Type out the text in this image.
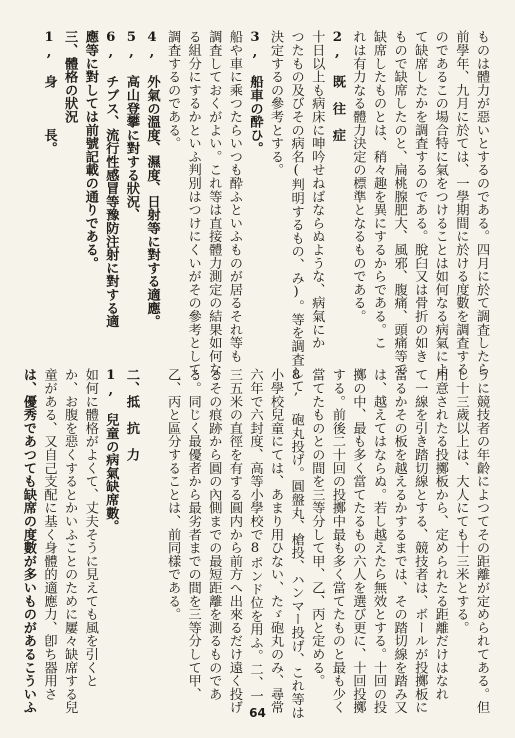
ものは體力が惡いとするのである。四月に於て調査したら
前學年、九月に於ては、一學期間に於ける度數を調査する
のであるこの場合特に氣をつけることは如何なる病氣によ
て缺席したかを調査するのである。脫臼又は骨折の如き
もので缺席したのと、扁桃腺肥大、風邪、腹痛、頭痛等で
缺席したものとは、稍々趣を異にするからである。こ
れは有力なる體力決定の標準となるものである。
2, 既　往　症
十日以上も病床に呻吟せねばならぬような、病氣にか
つたもの及びその病名(判明するもの、み)。等を調査して
決定するの參考とする。
3, 船車の酔ひ。
船や車に乘つたらいつも酔ふといふものが居るそれ等も
調査しておくがよい。これ等は直接體力測定の結果如何な
る組分にするかといふ判別はつけにくいがその參考として
調査するのである。
4, 外氣の溫度、濕度、日射等に對する適應。
5, 高山登攀に對する狀況、
6, チブス、流行性感冒等豫防注射に對する適
應等に對しては前號記載の通りである。
三、體格の狀況
1, 身　　　長。
うに競技者の年齡によつてその距離が定められてある。但
し十三歲以上は、大人にても十三米とする。
用意されたる投擲板から、定められたる距離だけはなれ
て一線を引き踏切線とする、競技者は、ボールが投擲板に
當るかその板を越えるかするまでは、その踏切線を踏み又
は、越えてはならぬ。若し越えたら無效とする。十回の投
擲の中、最も多く當てたるもの六人を選び更に、十回投擲
する。前後二十回の投擲中最も多く當てたものと最も少く
當てたものとの間を三等分して甲、乙、丙と定める。
8, 砲丸投げ。圓盤丸、槍投、ハンマー投げ、これ等は
小學校兒童にては、あまり用ひない、たゞ砲丸のみ、尋常
六年で六封度、高等小學校で8ポンド位を用ふ。二、一
三五米の直徑を有する圓内から前方へ出來るだけ遠く投げ
るその痕跡から圓の內側までの最短距離を測るものであ
る。同じく最優者から最劣者までの間を三等分して甲、
乙、丙と區分することは、前同樣である。
二、抵　抗　力
1, 兒童の病氣缺席數。
如何に體格がよくて、丈夫そうに見えても風を引くと
か、お腹を惡くするとかいふことのために屢々缺席する兒
童がある、又自己支配に基く身體的適應力、卽ち器用さ
は、優秀であつても缺席の度數が多いものがあるこういふ	64
